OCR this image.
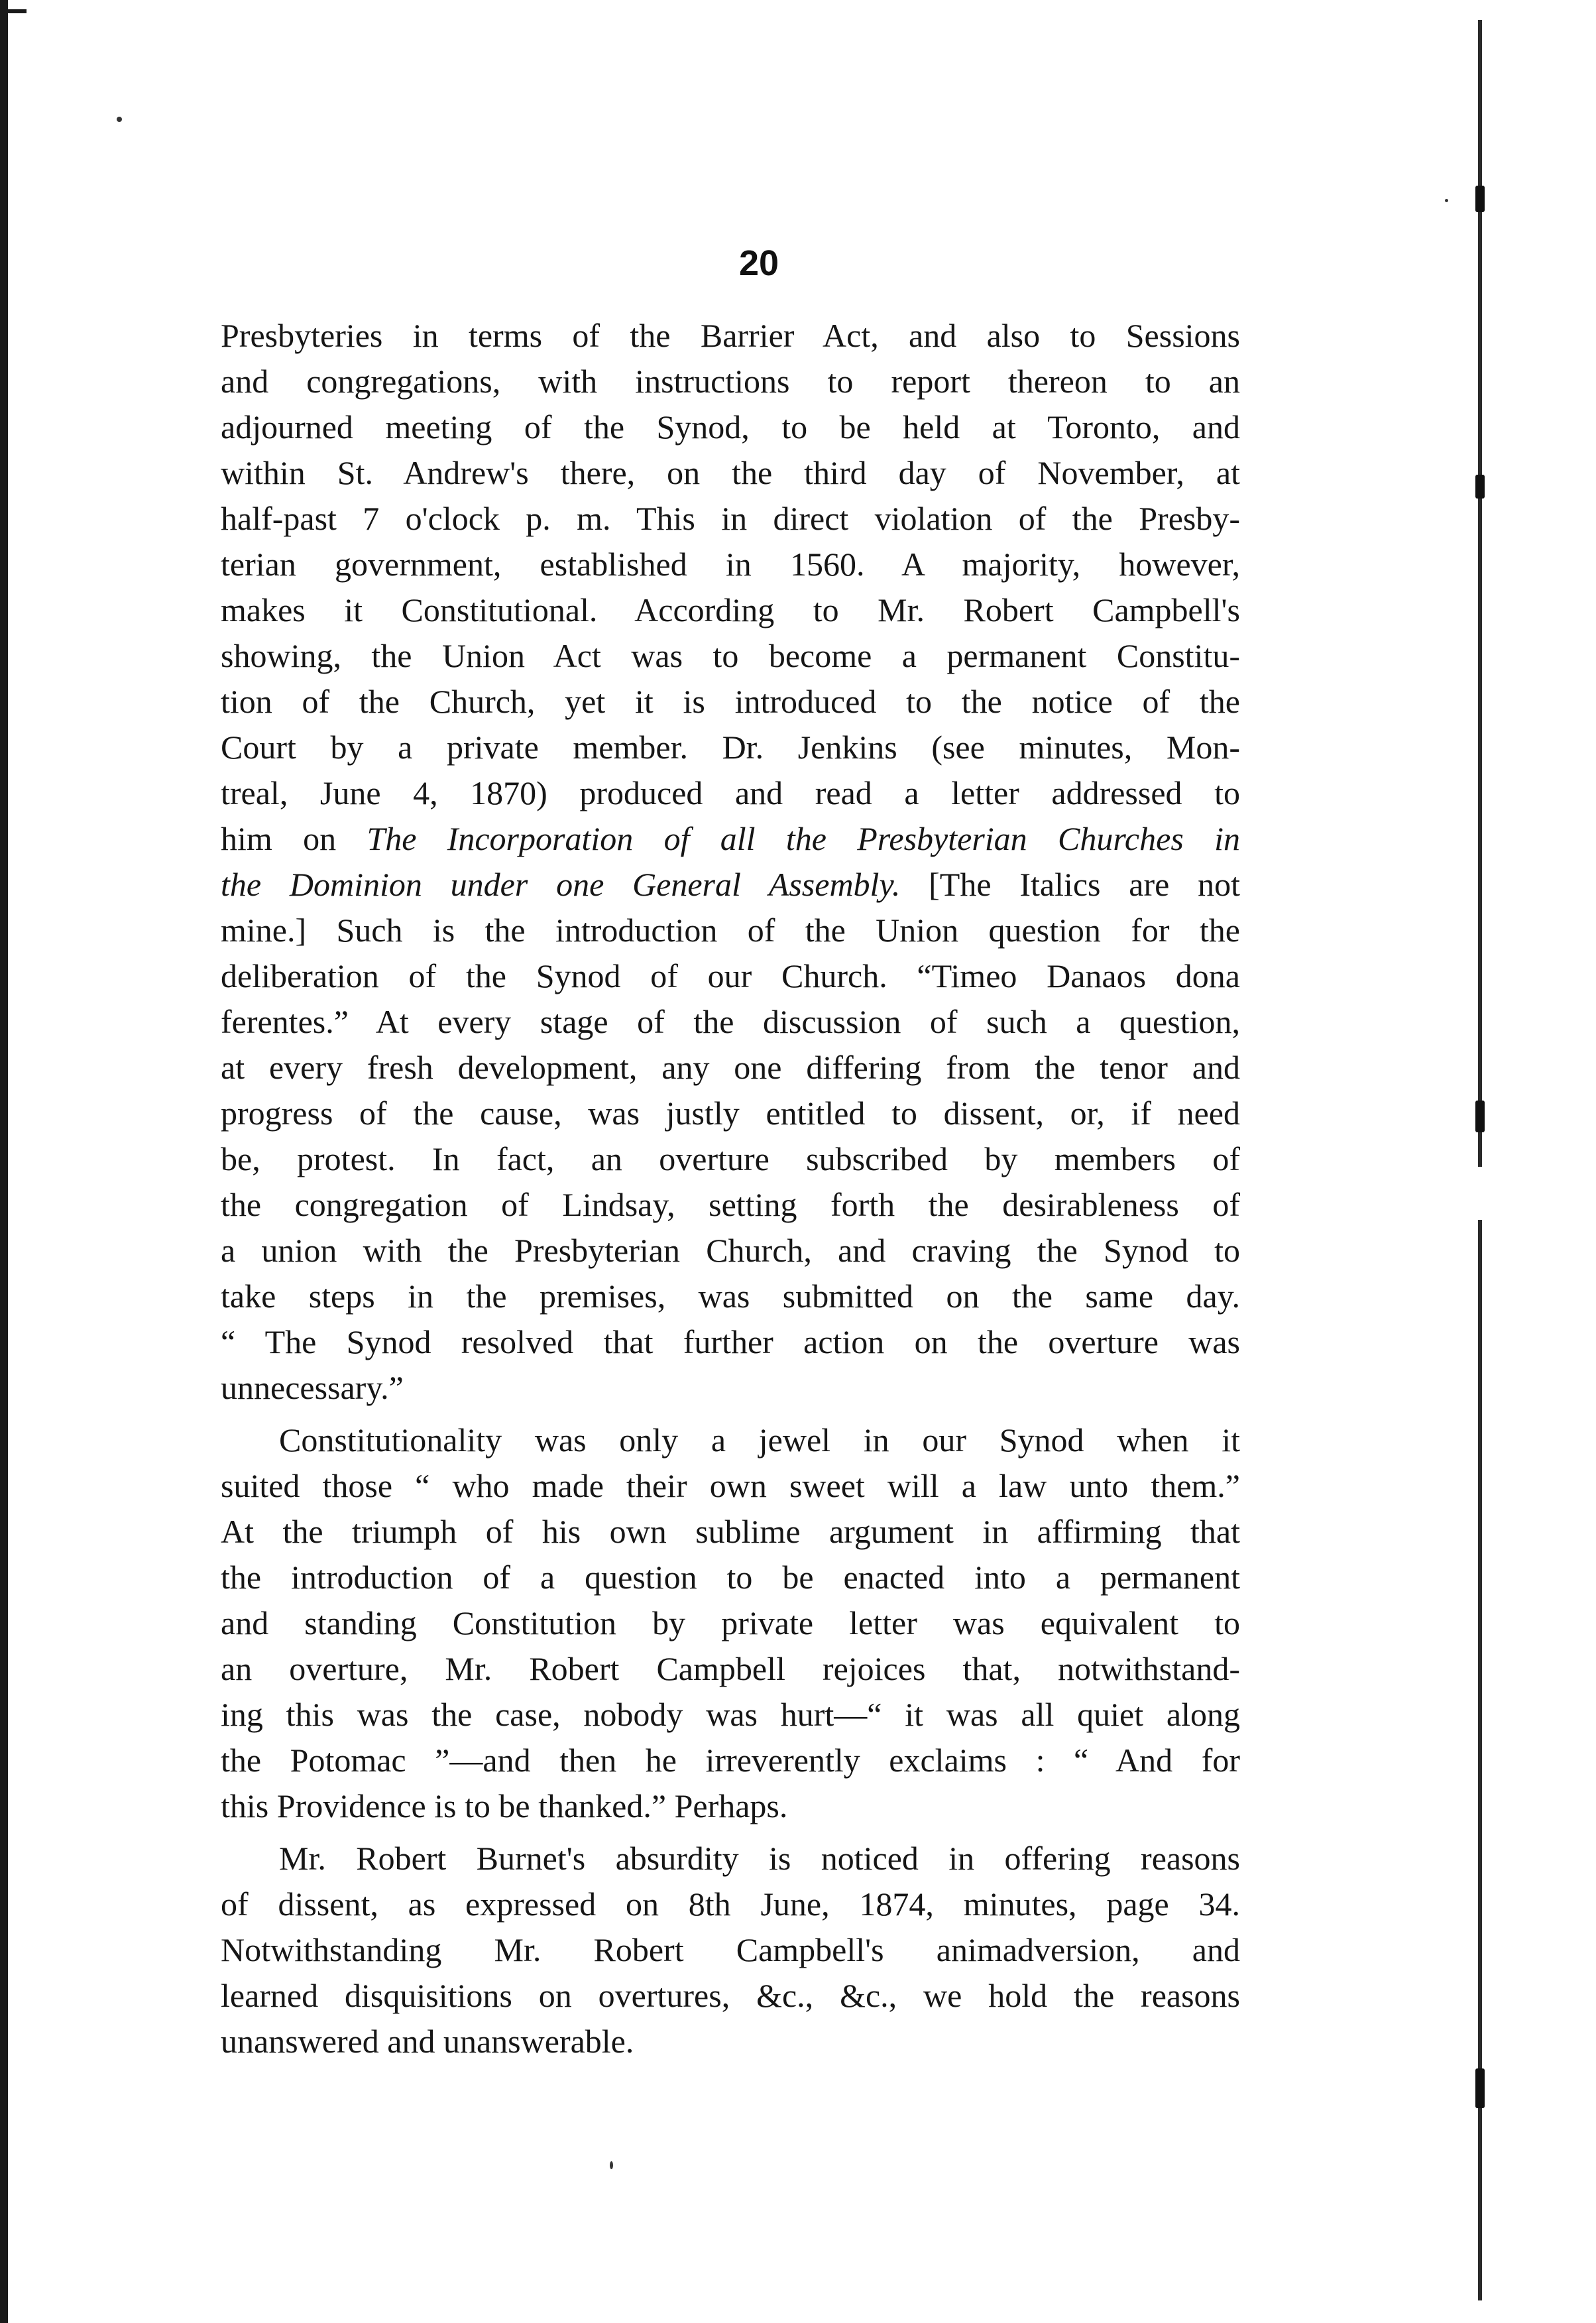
20
Presbyteries in terms of the Barrier Act, and also to Sessions
and congregations, with instructions to report thereon to an
adjourned meeting of the Synod, to be held at Toronto, and
within St. Andrew's there, on the third day of November, at
half-past 7 o'clock p. m. This in direct violation of the Presby-
terian government, established in 1560. A majority, however,
makes it Constitutional. According to Mr. Robert Campbell's
showing, the Union Act was to become a permanent Constitu-
tion of the Church, yet it is introduced to the notice of the
Court by a private member. Dr. Jenkins (see minutes, Mon-
treal, June 4, 1870) produced and read a letter addressed to
him on The Incorporation of all the Presbyterian Churches in
the Dominion under one General Assembly. [The Italics are not
mine.] Such is the introduction of the Union question for the
deliberation of the Synod of our Church. “Timeo Danaos dona
ferentes.” At every stage of the discussion of such a question,
at every fresh development, any one differing from the tenor and
progress of the cause, was justly entitled to dissent, or, if need
be, protest. In fact, an overture subscribed by members of
the congregation of Lindsay, setting forth the desirableness of
a union with the Presbyterian Church, and craving the Synod to
take steps in the premises, was submitted on the same day.
“ The Synod resolved that further action on the overture was
unnecessary.”
Constitutionality was only a jewel in our Synod when it
suited those “ who made their own sweet will a law unto them.”
At the triumph of his own sublime argument in affirming that
the introduction of a question to be enacted into a permanent
and standing Constitution by private letter was equivalent to
an overture, Mr. Robert Campbell rejoices that, notwithstand-
ing this was the case, nobody was hurt—“ it was all quiet along
the Potomac ”—and then he irreverently exclaims : “ And for
this Providence is to be thanked.” Perhaps.
Mr. Robert Burnet's absurdity is noticed in offering reasons
of dissent, as expressed on 8th June, 1874, minutes, page 34.
Notwithstanding Mr. Robert Campbell's animadversion, and
learned disquisitions on overtures, &c., &c., we hold the reasons
unanswered and unanswerable.
